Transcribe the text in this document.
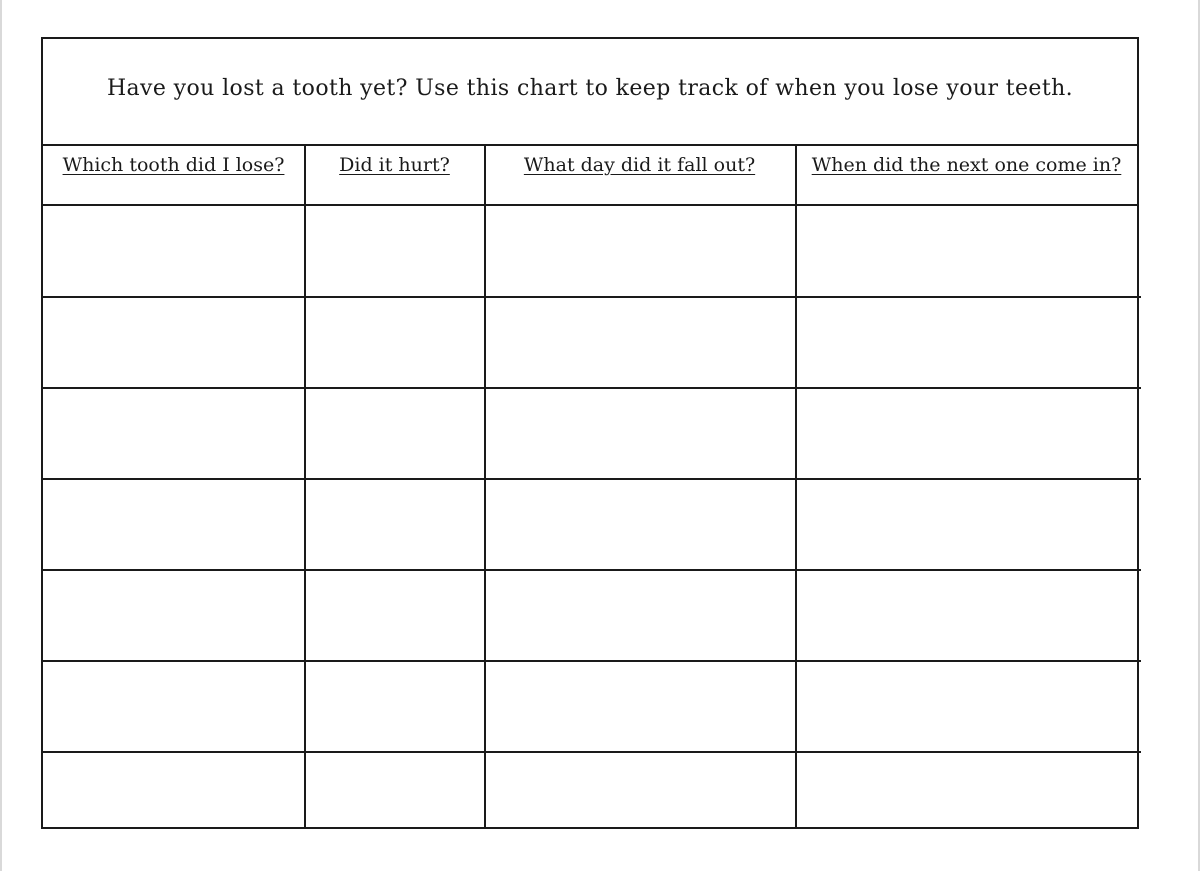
Have you lost a tooth yet? Use this chart to keep track of when you lose your teeth.
Which tooth did I lose?	Did it hurt?	What day did it fall out?	When did the next one come in?
